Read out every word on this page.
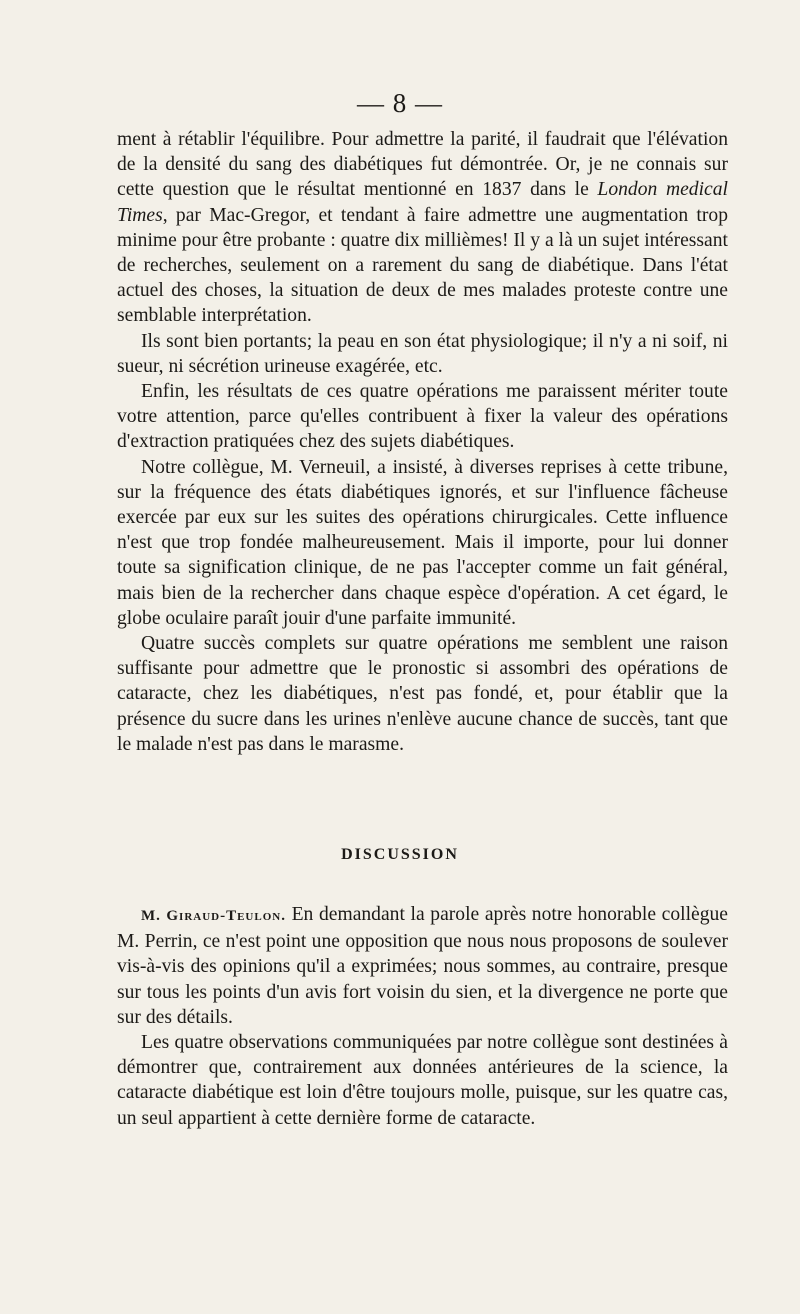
— 8 —

ment à rétablir l'équilibre. Pour admettre la parité, il faudrait que l'élévation de la densité du sang des diabétiques fut démontrée. Or, je ne connais sur cette question que le résultat mentionné en 1837 dans le London medical Times, par Mac-Gregor, et tendant à faire admettre une augmentation trop minime pour être probante : quatre dix millièmes! Il y a là un sujet intéressant de recherches, seulement on a rarement du sang de diabétique. Dans l'état actuel des choses, la situation de deux de mes malades proteste contre une semblable interprétation.

Ils sont bien portants; la peau en son état physiologique; il n'y a ni soif, ni sueur, ni sécrétion urineuse exagérée, etc.

Enfin, les résultats de ces quatre opérations me paraissent mériter toute votre attention, parce qu'elles contribuent à fixer la valeur des opérations d'extraction pratiquées chez des sujets diabétiques.

Notre collègue, M. Verneuil, a insisté, à diverses reprises à cette tribune, sur la fréquence des états diabétiques ignorés, et sur l'influence fâcheuse exercée par eux sur les suites des opérations chirurgicales. Cette influence n'est que trop fondée malheureusement. Mais il importe, pour lui donner toute sa signification clinique, de ne pas l'accepter comme un fait général, mais bien de la rechercher dans chaque espèce d'opération. A cet égard, le globe oculaire paraît jouir d'une parfaite immunité.

Quatre succès complets sur quatre opérations me semblent une raison suffisante pour admettre que le pronostic si assombri des opérations de cataracte, chez les diabétiques, n'est pas fondé, et, pour établir que la présence du sucre dans les urines n'enlève aucune chance de succès, tant que le malade n'est pas dans le marasme.

DISCUSSION

M. Giraud-Teulon. En demandant la parole après notre honorable collègue M. Perrin, ce n'est point une opposition que nous nous proposons de soulever vis-à-vis des opinions qu'il a exprimées; nous sommes, au contraire, presque sur tous les points d'un avis fort voisin du sien, et la divergence ne porte que sur des détails.

Les quatre observations communiquées par notre collègue sont destinées à démontrer que, contrairement aux données antérieures de la science, la cataracte diabétique est loin d'être toujours molle, puisque, sur les quatre cas, un seul appartient à cette dernière forme de cataracte.
